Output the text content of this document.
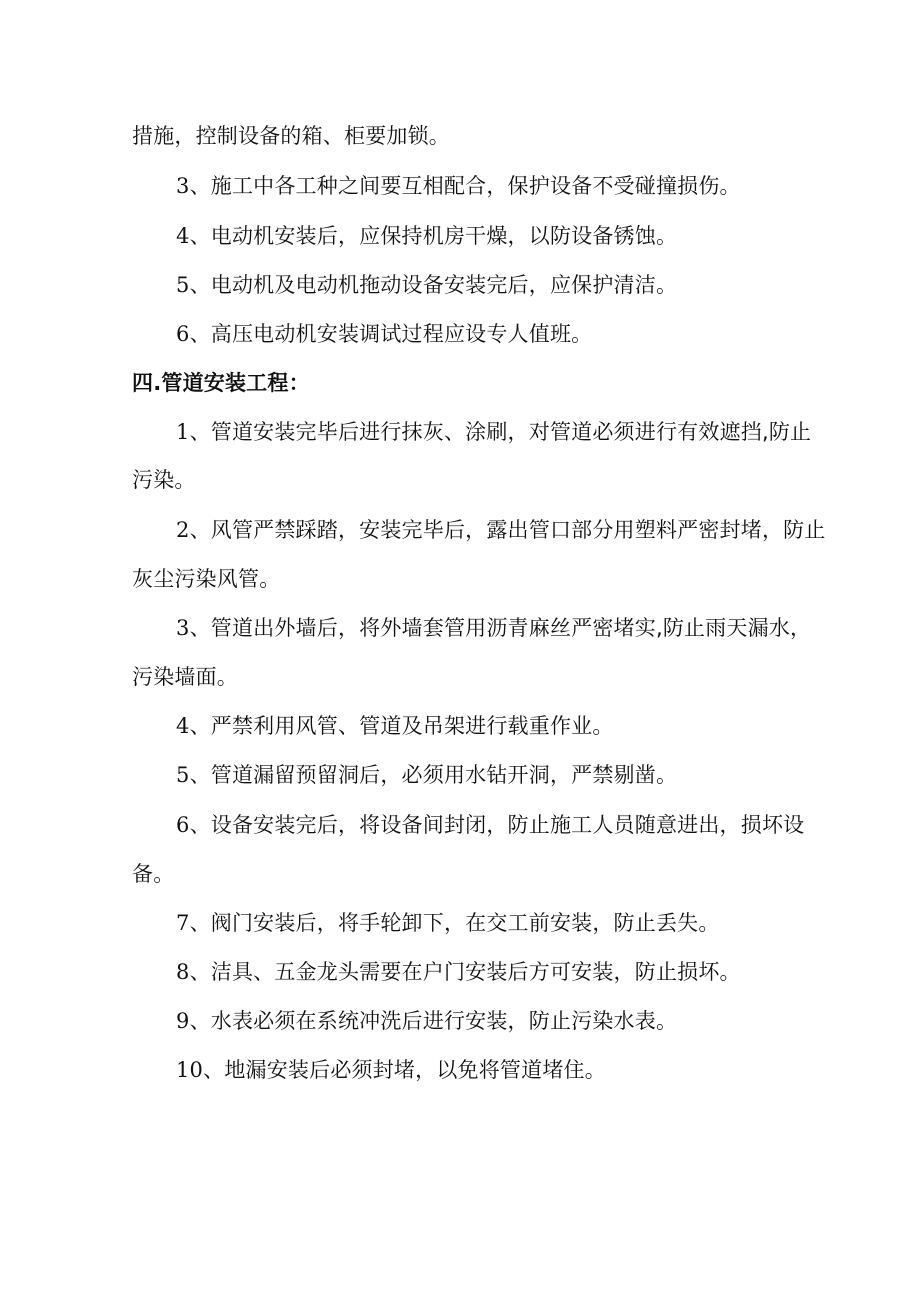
措施，控制设备的箱、柜要加锁。
3、施工中各工种之间要互相配合，保护设备不受碰撞损伤。
4、电动机安装后，应保持机房干燥，以防设备锈蚀。
5、电动机及电动机拖动设备安装完后，应保护清洁。
6、高压电动机安装调试过程应设专人值班。
四.管道安装工程：
1、管道安装完毕后进行抹灰、涂刷，对管道必须进行有效遮挡,防止
污染。
2、风管严禁踩踏，安装完毕后，露出管口部分用塑料严密封堵，防止
灰尘污染风管。
3、管道出外墙后，将外墙套管用沥青麻丝严密堵实,防止雨天漏水，
污染墙面。
4、严禁利用风管、管道及吊架进行载重作业。
5、管道漏留预留洞后，必须用水钻开洞，严禁剔凿。
6、设备安装完后，将设备间封闭，防止施工人员随意进出，损坏设
备。
7、阀门安装后，将手轮卸下，在交工前安装，防止丢失。
8、洁具、五金龙头需要在户门安装后方可安装，防止损坏。
9、水表必须在系统冲洗后进行安装，防止污染水表。
10、地漏安装后必须封堵，以免将管道堵住。
